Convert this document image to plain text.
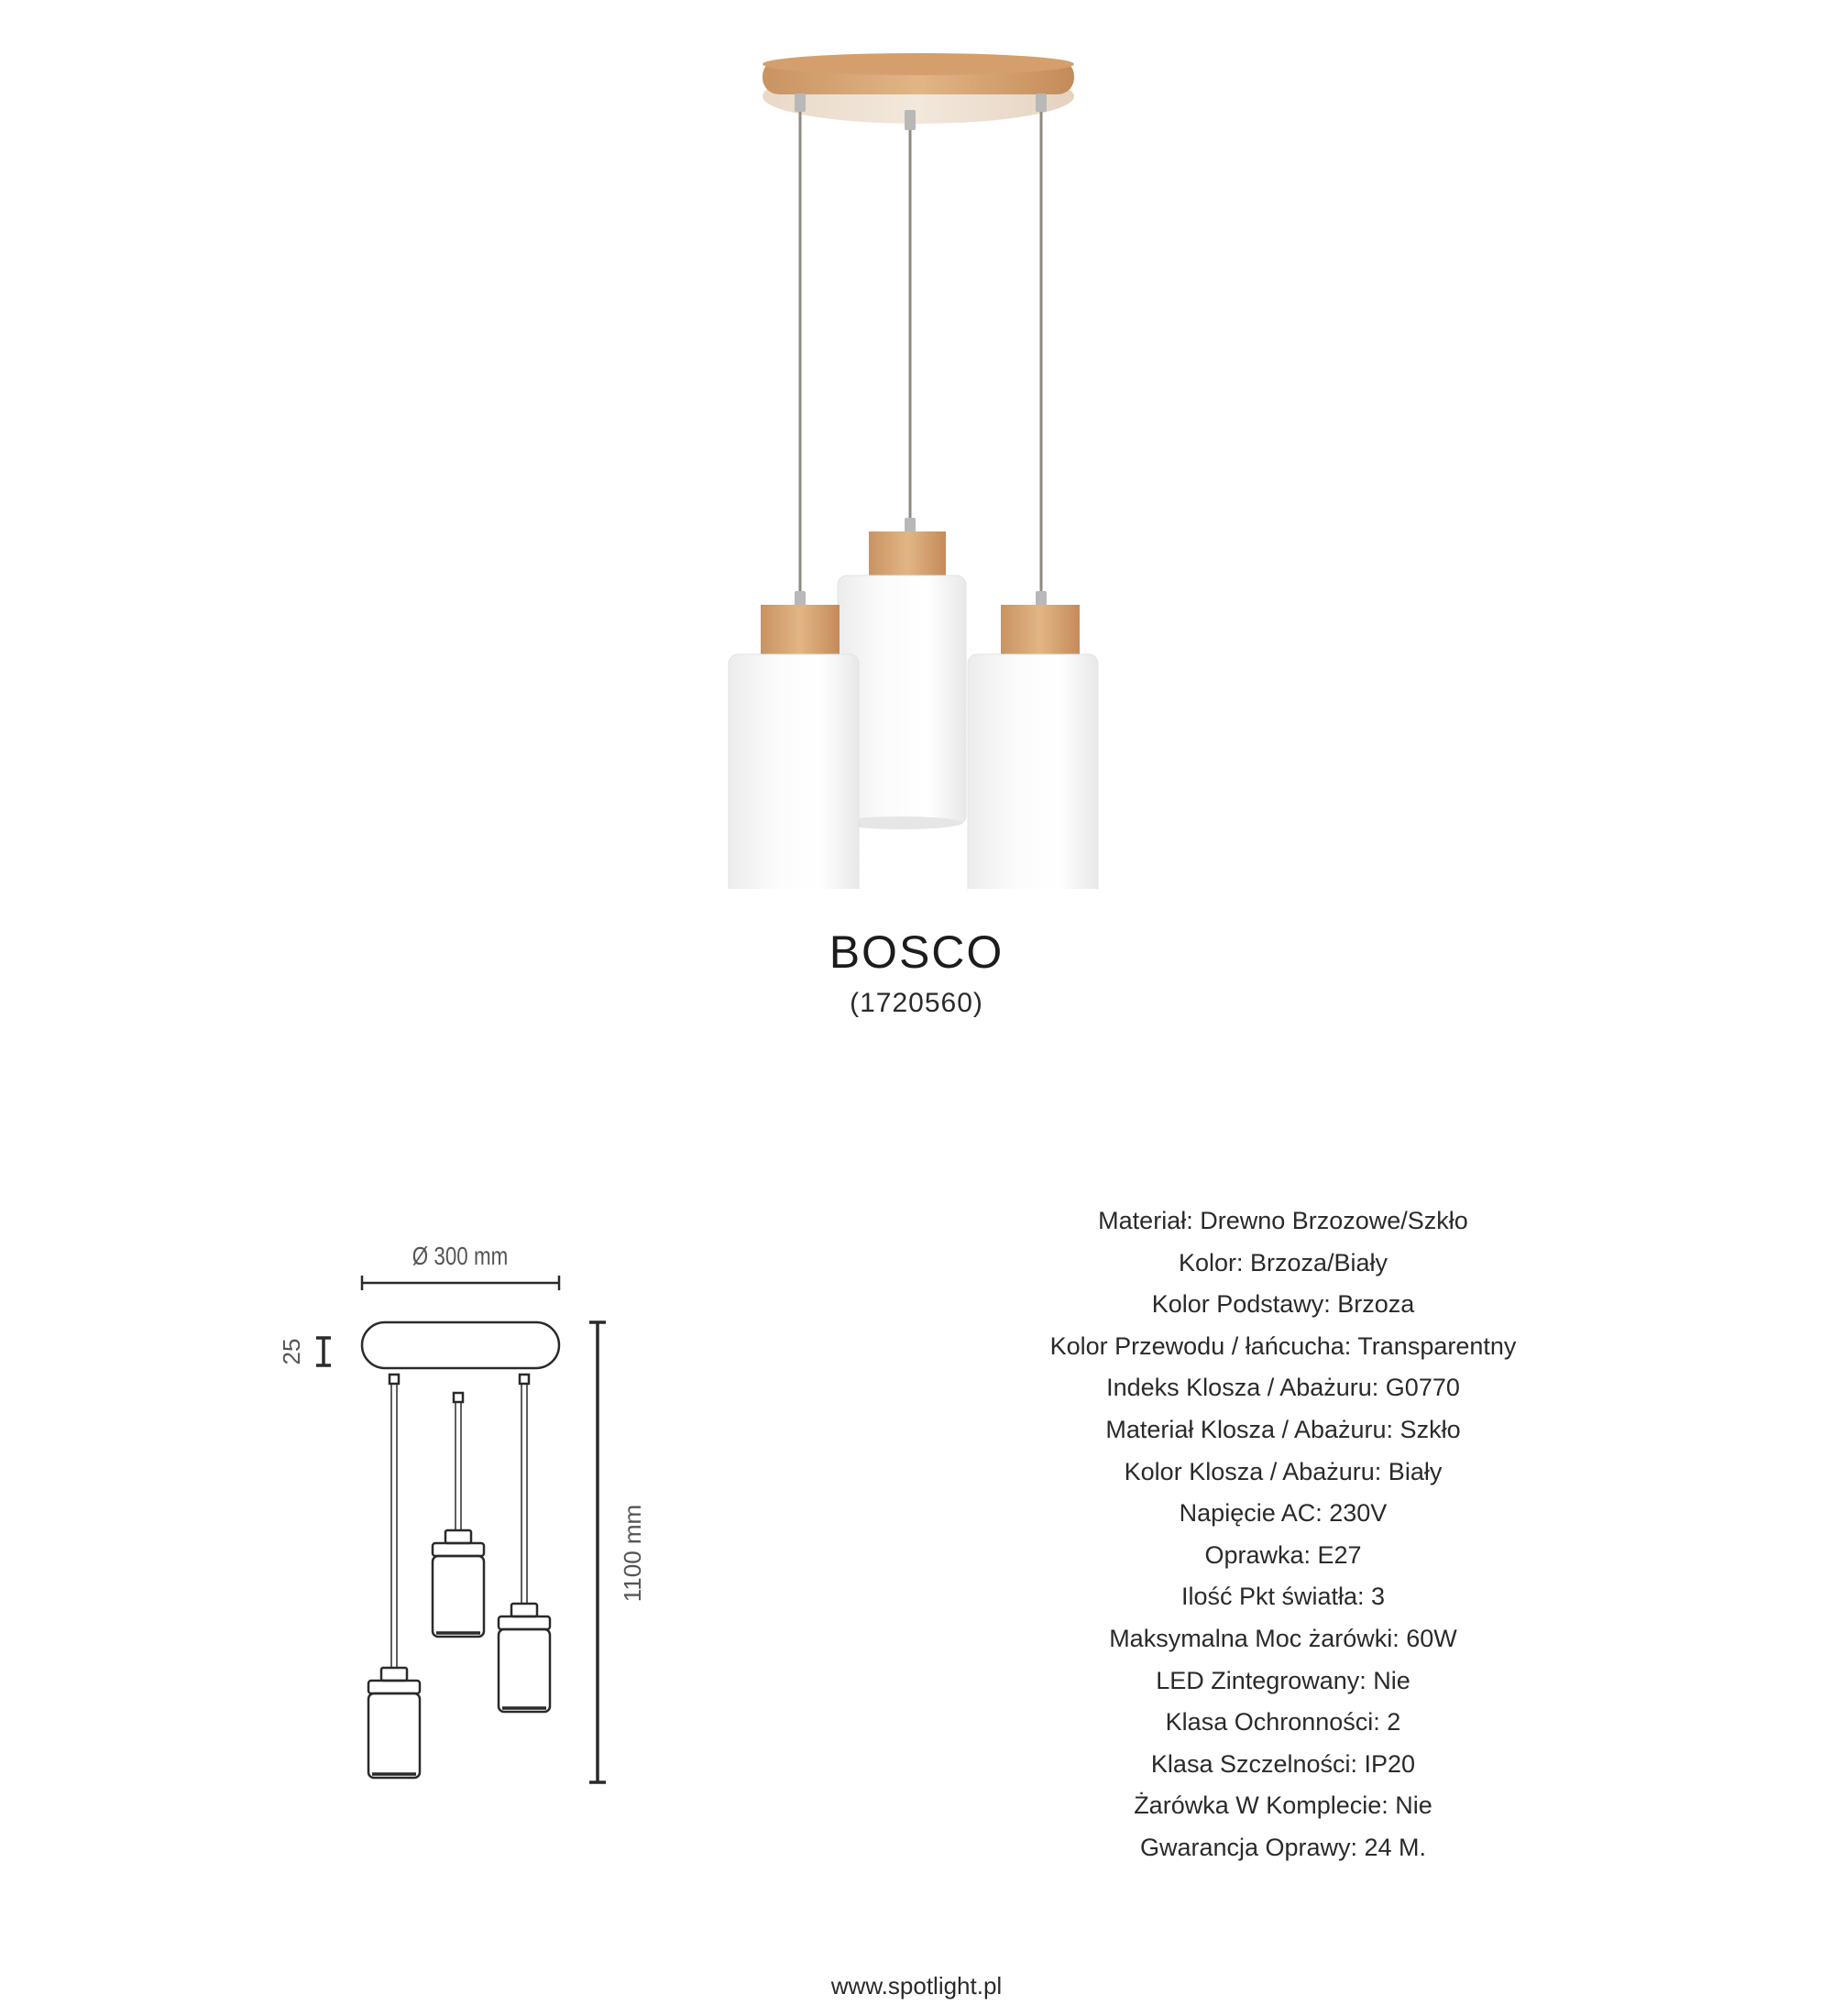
BOSCO
(1720560)
Ø 300 mm
25
1100 mm
Materiał: Drewno Brzozowe/Szkło
Kolor: Brzoza/Biały
Kolor Podstawy: Brzoza
Kolor Przewodu / łańcucha: Transparentny
Indeks Klosza / Abażuru: G0770
Materiał Klosza / Abażuru: Szkło
Kolor Klosza / Abażuru: Biały
Napięcie AC: 230V
Oprawka: E27
Ilość Pkt światła: 3
Maksymalna Moc żarówki: 60W
LED Zintegrowany: Nie
Klasa Ochronności: 2
Klasa Szczelności: IP20
Żarówka W Komplecie: Nie
Gwarancja Oprawy: 24 M.
www.spotlight.pl
